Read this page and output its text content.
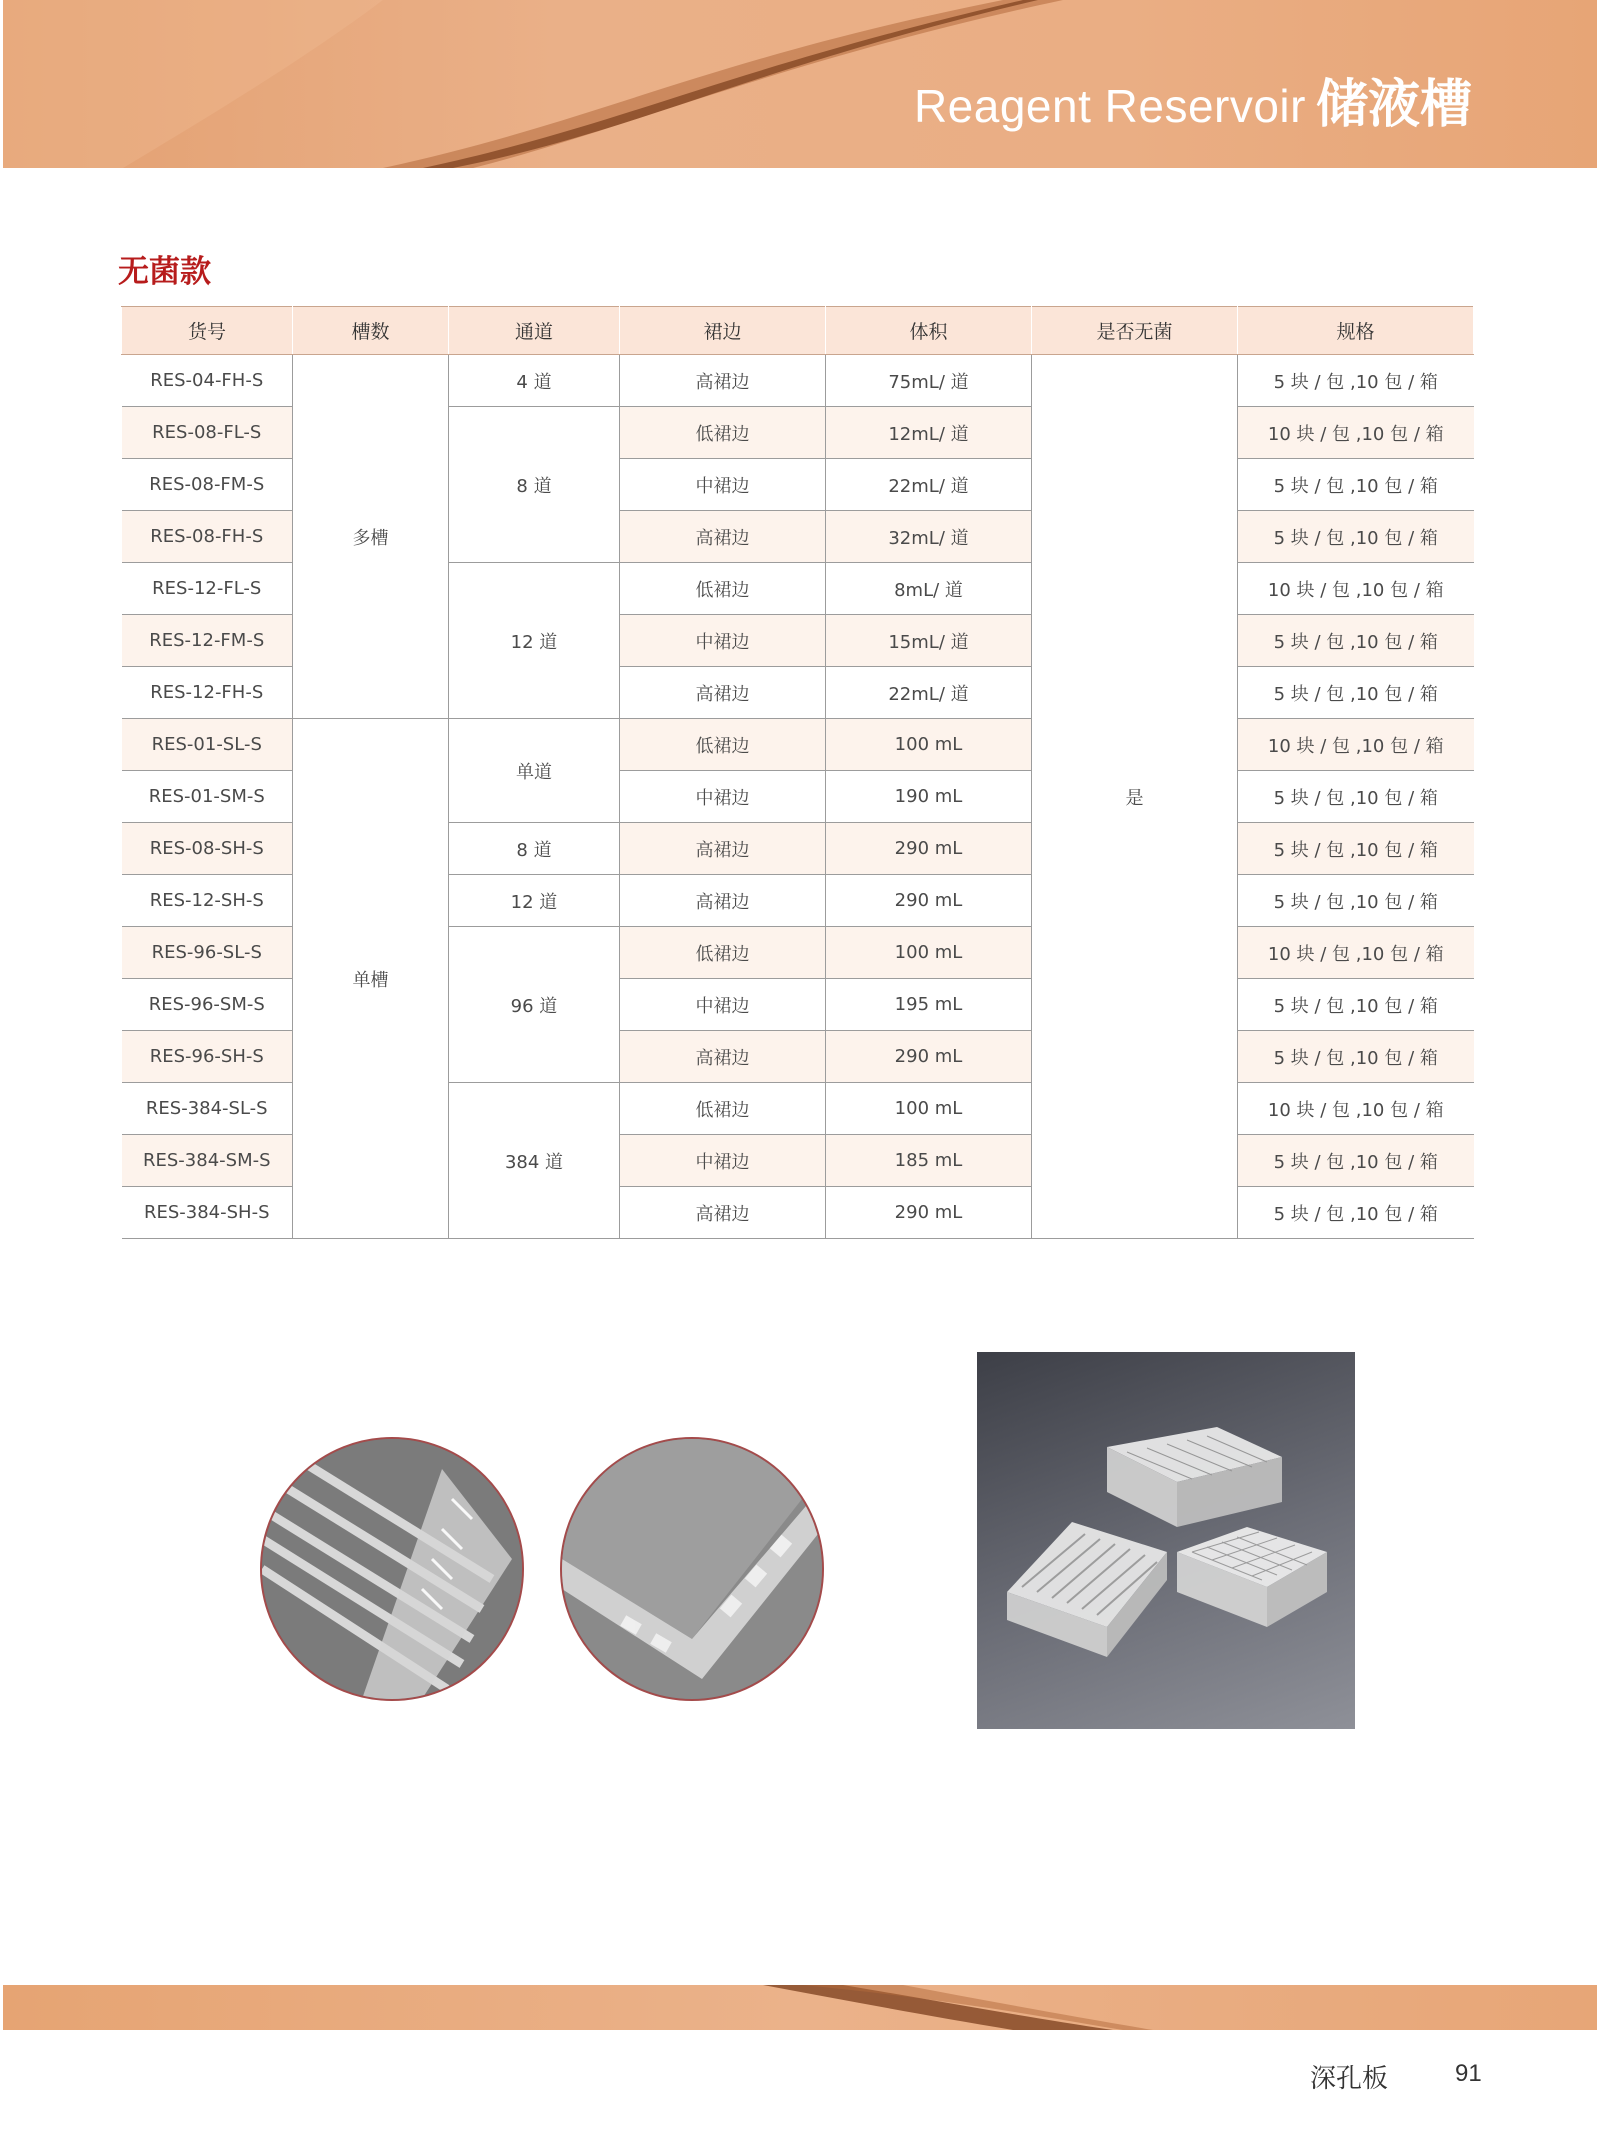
Reagent Reservoir 储液槽
无菌款
货号	槽数	通道	裙边	体积	是否无菌	规格
RES-04-FH-S	多槽	4 道	高裙边	75mL/ 道	是	5 块 / 包 ,10 包 / 箱
RES-08-FL-S		8 道	低裙边	12mL/ 道		10 块 / 包 ,10 包 / 箱
RES-08-FM-S			中裙边	22mL/ 道		5 块 / 包 ,10 包 / 箱
RES-08-FH-S			高裙边	32mL/ 道		5 块 / 包 ,10 包 / 箱
RES-12-FL-S		12 道	低裙边	8mL/ 道		10 块 / 包 ,10 包 / 箱
RES-12-FM-S			中裙边	15mL/ 道		5 块 / 包 ,10 包 / 箱
RES-12-FH-S			高裙边	22mL/ 道		5 块 / 包 ,10 包 / 箱
RES-01-SL-S	单槽	单道	低裙边	100 mL		10 块 / 包 ,10 包 / 箱
RES-01-SM-S			中裙边	190 mL		5 块 / 包 ,10 包 / 箱
RES-08-SH-S		8 道	高裙边	290 mL		5 块 / 包 ,10 包 / 箱
RES-12-SH-S		12 道	高裙边	290 mL		5 块 / 包 ,10 包 / 箱
RES-96-SL-S		96 道	低裙边	100 mL		10 块 / 包 ,10 包 / 箱
RES-96-SM-S			中裙边	195 mL		5 块 / 包 ,10 包 / 箱
RES-96-SH-S			高裙边	290 mL		5 块 / 包 ,10 包 / 箱
RES-384-SL-S		384 道	低裙边	100 mL		10 块 / 包 ,10 包 / 箱
RES-384-SM-S			中裙边	185 mL		5 块 / 包 ,10 包 / 箱
RES-384-SH-S			高裙边	290 mL		5 块 / 包 ,10 包 / 箱
深孔板	91
